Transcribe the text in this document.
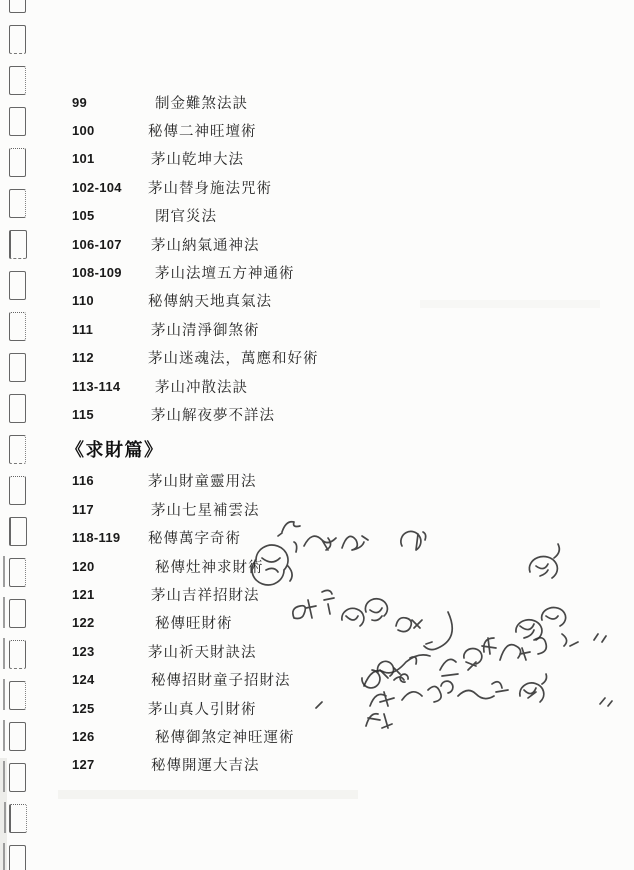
99	制金難煞法訣
100	秘傳二神旺壇術
101	茅山乾坤大法
102-104	茅山替身施法咒術
105	閉官災法
106-107	茅山納氣通神法
108-109	茅山法壇五方神通術
110	秘傳納天地真氣法
111	茅山清淨御煞術
112	茅山迷魂法，萬應和好術
113-114	茅山冲散法訣
115	茅山解夜夢不詳法
《求財篇》
116	茅山財童靈用法
117	茅山七星補雲法
118-119	秘傳萬字奇術
120	秘傳灶神求財術
121	茅山吉祥招財法
122	秘傳旺財術
123	茅山祈天財訣法
124	秘傳招財童子招財法
125	茅山真人引財術
126	秘傳御煞定神旺運術
127	秘傳開運大吉法
